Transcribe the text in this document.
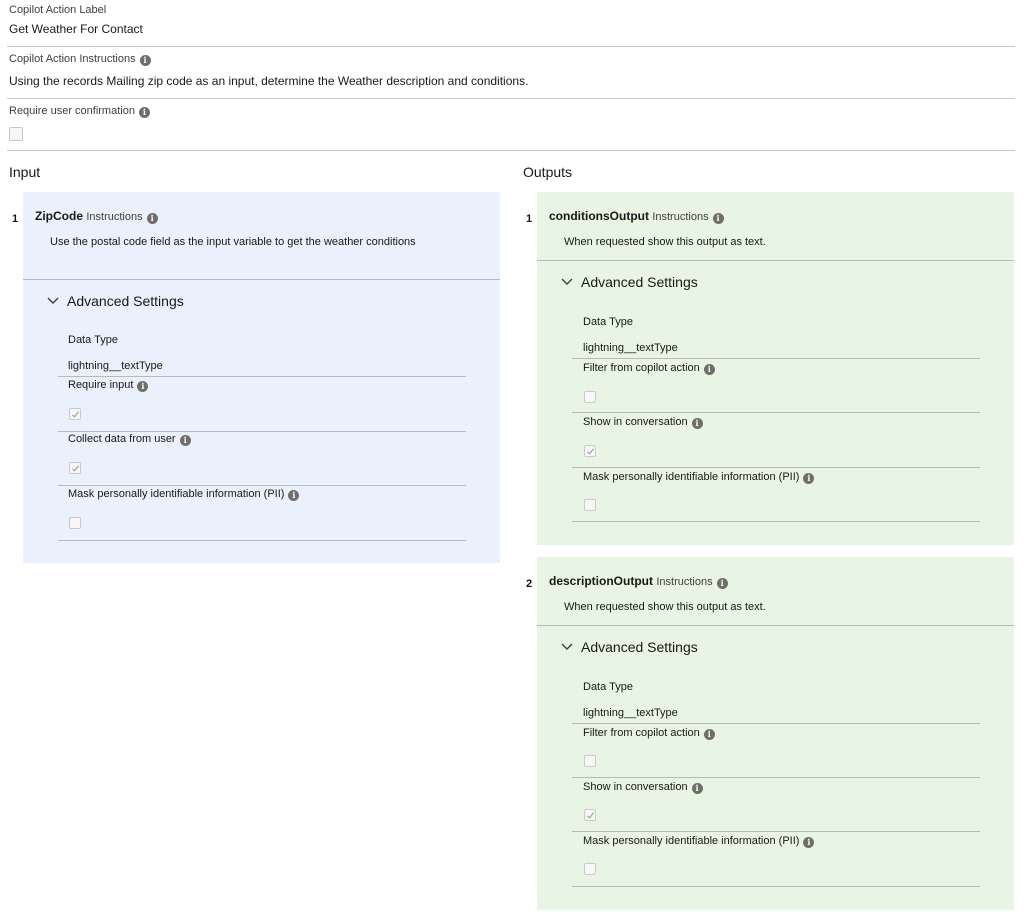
Copilot Action Label
Get Weather For Contact
Copilot Action Instructions i
Using the records Mailing zip code as an input, determine the Weather description and conditions.
Require user confirmation i
Input	Outputs
1 ZipCode Instructions i
Use the postal code field as the input variable to get the weather conditions
Advanced Settings
Data Type
lightning__textType
Require input i
Collect data from user i
Mask personally identifiable information (PII) i
1 conditionsOutput Instructions i
When requested show this output as text.
Advanced Settings
Data Type
lightning__textType
Filter from copilot action i
Show in conversation i
Mask personally identifiable information (PII) i
2 descriptionOutput Instructions i
When requested show this output as text.
Advanced Settings
Data Type
lightning__textType
Filter from copilot action i
Show in conversation i
Mask personally identifiable information (PII) i
